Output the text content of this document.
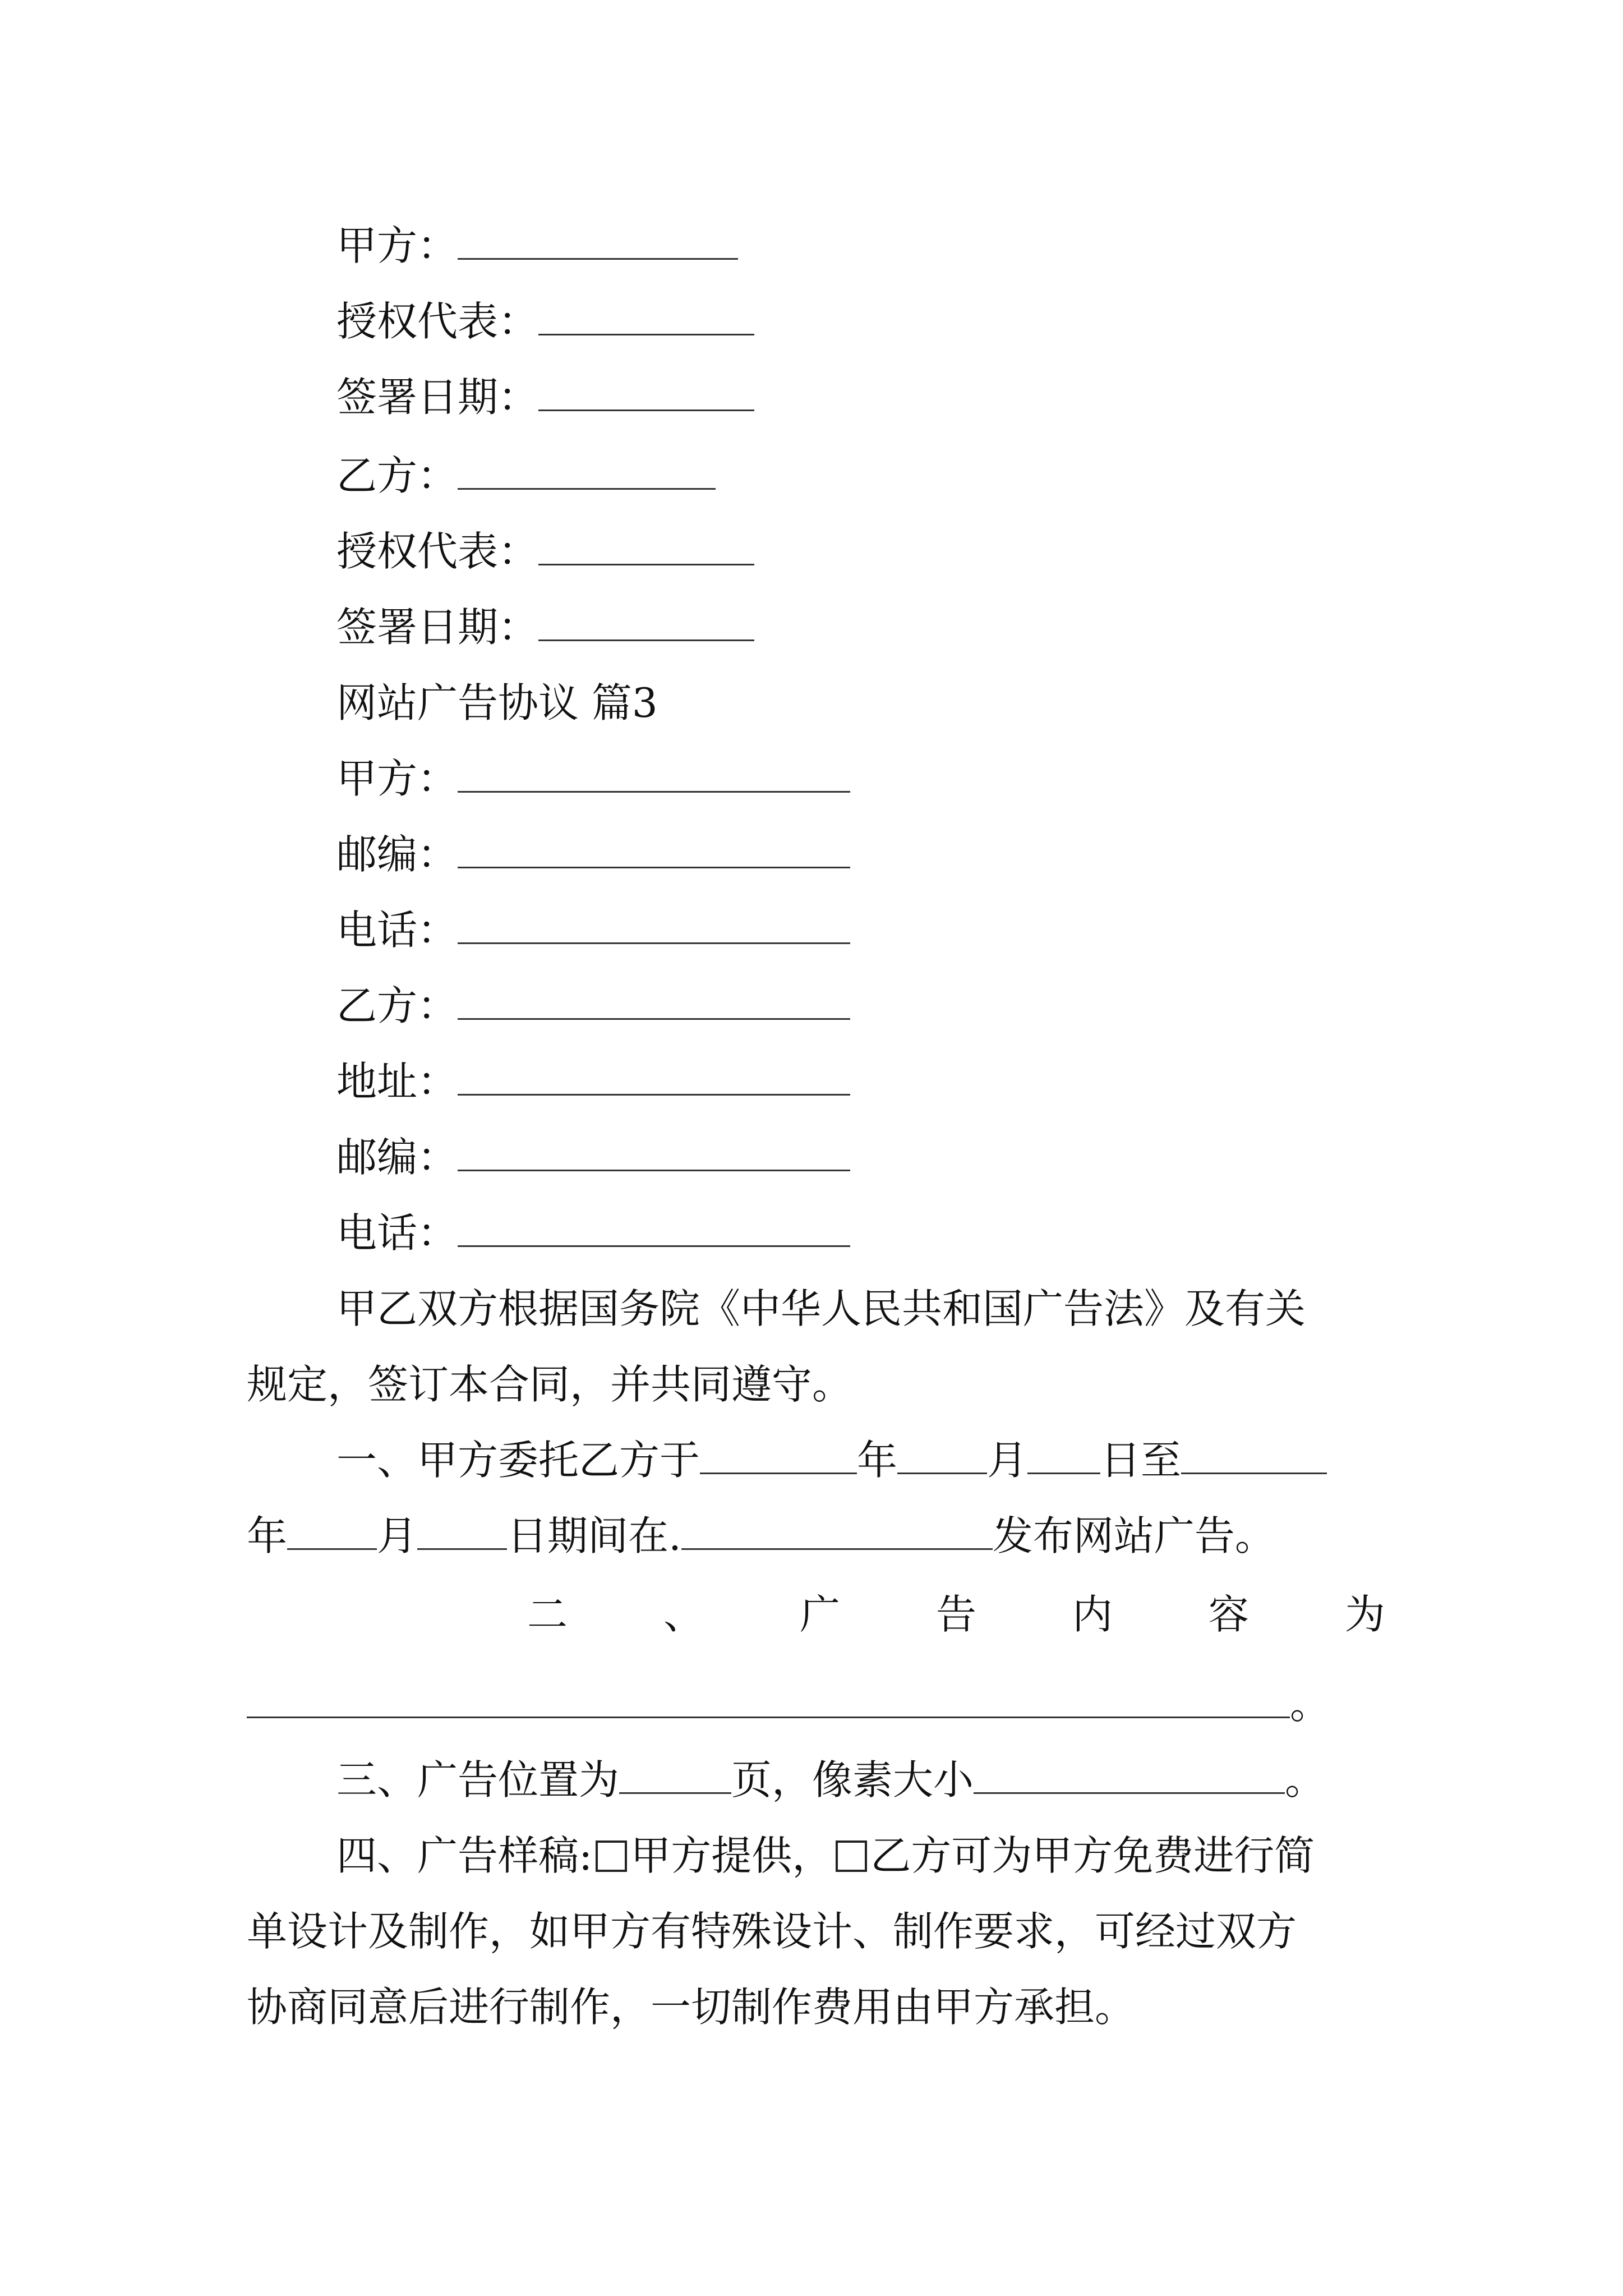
甲方：
授权代表：
签署日期：
乙方：
授权代表：
签署日期：
网站广告协议 篇3
甲方：
邮编：
电话：
乙方：
地址：
邮编：
电话：
甲乙双方根据国务院《中华人民共和国广告法》及有关
规定，签订本合同，并共同遵守。
一、甲方委托乙方于	年 月 日至
年 月 日期间在.	发布网站广告。
二 、 广 告 内 容 为
。
三、广告位置为	页，像素大小	。
四、广告样稿: 甲方提供， 乙方可为甲方免费进行简
单设计及制作，如甲方有特殊设计、制作要求，可经过双方
协商同意后进行制作，一切制作费用由甲方承担。
